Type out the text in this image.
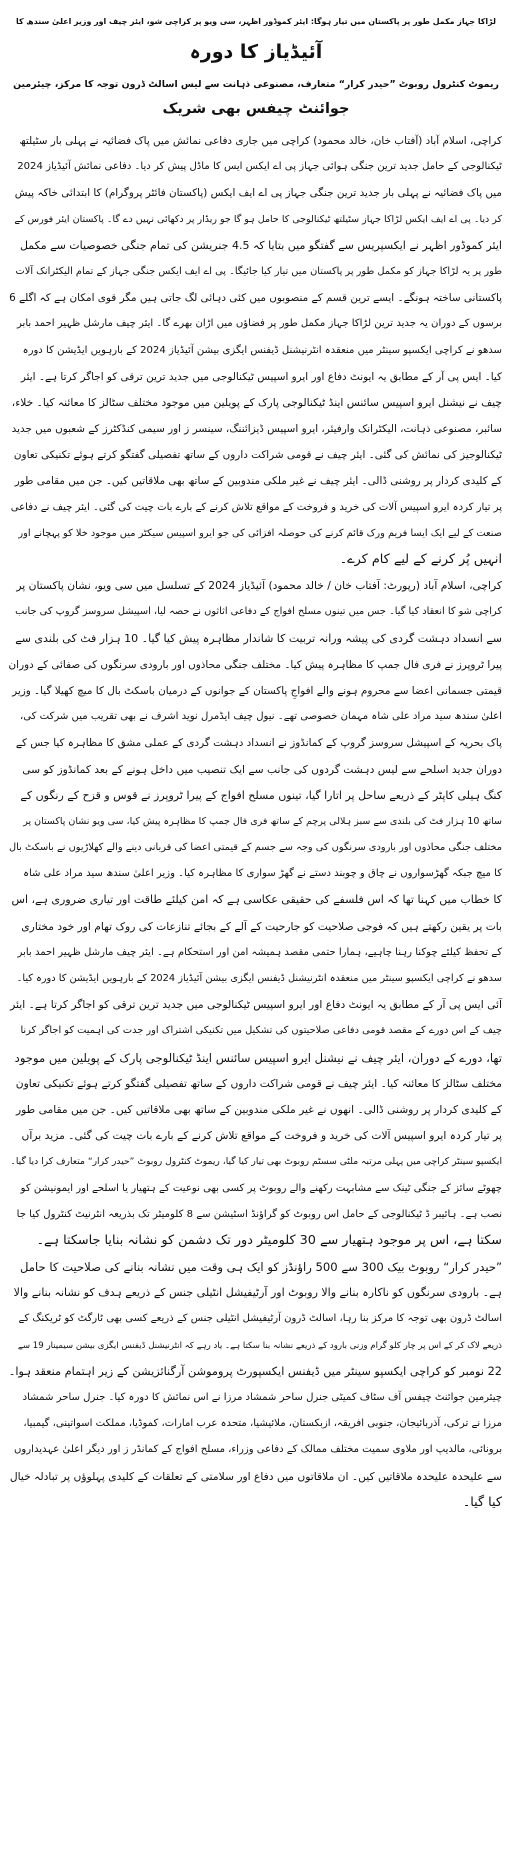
لڑاکا جہاز مکمل طور پر پاکستان میں تیار ہوگا: ایئر کموڈور اظہر، سی ویو پر کراچی شو، ایئر چیف اور وزیر اعلیٰ سندھ کا
آئیڈیاز کا دورہ
ریموٹ کنٹرول روبوٹ ”حیدر کرار“ متعارف، مصنوعی ذہانت سے لیس اسالٹ ڈرون توجہ کا مرکز، چیئرمین
جوائنٹ چیفس بھی شریک
کراچی، اسلام آباد (آفتاب خان، خالد محمود) کراچی میں جاری دفاعی نمائش میں پاک فضائیہ نے پہلی بار سٹیلتھ
ٹیکنالوجی کے حامل جدید ترین جنگی ہوائی جہاز پی اے ایکس ایس کا ماڈل پیش کر دیا۔ دفاعی نمائش آئیڈیاز 2024
میں پاک فضائیہ نے پہلی بار جدید ترین جنگی جہاز پی اے ایف ایکس (پاکستان فائٹر پروگرام) کا ابتدائی خاکہ پیش
کر دیا۔ پی اے ایف ایکس لڑاکا جہاز سٹیلتھ ٹیکنالوجی کا حامل ہو گا جو ریڈار پر دکھائی نہیں دے گا۔ پاکستان ایئر فورس کے
ایئر کموڈور اظہر نے ایکسپریس سے گفتگو میں بتایا کہ 4.5 جنریشن کی تمام جنگی خصوصیات سے مکمل
طور پر یہ لڑاکا جہاز کو مکمل طور پر پاکستان میں تیار کیا جائیگا۔ پی اے ایف ایکس جنگی جہاز کے تمام الیکٹرانک آلات
پاکستانی ساختہ ہونگے۔ ایسے ترین قسم کے منصوبوں میں کئی دہائی لگ جاتی ہیں مگر قوی امکان ہے کہ اگلے 6
برسوں کے دوران یہ جدید ترین لڑاکا جہاز مکمل طور پر فضاؤں میں اڑان بھرے گا۔ ایئر چیف مارشل ظہیر احمد بابر
سدھو نے کراچی ایکسپو سینٹر میں منعقدہ انٹرنیشنل ڈیفنس ایگزی بیشن آئیڈیاز 2024 کے بارہویں ایڈیشن کا دورہ
کیا۔ ایس پی آر کے مطابق یہ ایونٹ دفاع اور ایرو اسپیس ٹیکنالوجی میں جدید ترین ترقی کو اجاگر کرتا ہے۔ ایئر
چیف نے نیشنل ایرو اسپیس سائنس اینڈ ٹیکنالوجی پارک کے پویلین میں موجود مختلف سٹالز کا معائنہ کیا۔ خلاء،
سائبر، مصنوعی ذہانت، الیکٹرانک وارفیئر، ایرو اسپیس ڈیزائننگ، سینسر ز اور سیمی کنڈکٹرز کے شعبوں میں جدید
ٹیکنالوجیز کی نمائش کی گئی۔ ایئر چیف نے قومی شراکت داروں کے ساتھ تفصیلی گفتگو کرتے ہوئے تکنیکی تعاون
کے کلیدی کردار پر روشنی ڈالی۔ ایئر چیف نے غیر ملکی مندوبین کے ساتھ بھی ملاقاتیں کیں۔ جن میں مقامی طور
پر تیار کردہ ایرو اسپیس آلات کی خرید و فروخت کے مواقع تلاش کرنے کے بارے بات چیت کی گئی۔ ایئر چیف نے دفاعی
صنعت کے لیے ایک ایسا فریم ورک قائم کرنے کی حوصلہ افزائی کی جو ایرو اسپیس سیکٹر میں موجود خلا کو پہچانے اور
انہیں پُر کرنے کے لیے کام کرے۔
کراچی، اسلام آباد (رپورٹ: آفتاب خان / خالد محمود) آئیڈیاز 2024 کے تسلسل میں سی ویو، نشان پاکستان پر
کراچی شو کا انعقاد کیا گیا۔ جس میں تینوں مسلح افواج کے دفاعی اثاثوں نے حصہ لیا، اسپیشل سروسز گروپ کی جانب
سے انسداد دہشت گردی کی پیشہ ورانہ تربیت کا شاندار مظاہرہ پیش کیا گیا۔ 10 ہزار فٹ کی بلندی سے
پیرا ٹروپرز نے فری فال جمپ کا مظاہرہ پیش کیا۔ مختلف جنگی محاذوں اور بارودی سرنگوں کی صفائی کے دوران
قیمتی جسمانی اعضا سے محروم ہونے والے افواجِ پاکستان کے جوانوں کے درمیان باسکٹ بال کا میچ کھیلا گیا۔ وزیر
اعلیٰ سندھ سید مراد علی شاہ مہمان خصوصی تھے۔ نیول چیف ایڈمرل نوید اشرف نے بھی تقریب میں شرکت کی،
پاک بحریہ کے اسپیشل سروسز گروپ کے کمانڈوز نے انسداد دہشت گردی کے عملی مشق کا مظاہرہ کیا جس کے
دوران جدید اسلحے سے لیس دہشت گردوں کی جانب سے ایک تنصیب میں داخل ہونے کے بعد کمانڈوز کو سی
کنگ ہیلی کاپٹر کے ذریعے ساحل پر اتارا گیا، تینوں مسلح افواج کے پیرا ٹروپرز نے قوس و قزح کے رنگوں کے
ساتھ 10 ہزار فٹ کی بلندی سے سبز ہلالی پرچم کے ساتھ فری فال جمپ کا مظاہرہ پیش کیا، سی ویو نشان پاکستان پر
مختلف جنگی محاذوں اور بارودی سرنگوں کی وجہ سے جسم کے قیمتی اعضا کی قربانی دینے والے کھلاڑیوں نے باسکٹ بال
کا میچ جبکہ گھڑسواروں نے چاق و چوبند دستے نے گھڑ سواری کا مظاہرہ کیا۔ وزیر اعلیٰ سندھ سید مراد علی شاہ
کا خطاب میں کہنا تھا کہ اس فلسفے کی حقیقی عکاسی ہے کہ امن کیلئے طاقت اور تیاری ضروری ہے، اس
بات پر یقین رکھتے ہیں کہ فوجی صلاحیت کو جارحیت کے آلے کے بجائے تنازعات کی روک تھام اور خود مختاری
کے تحفظ کیلئے چوکنا رہنا چاہیے، ہمارا حتمی مقصد ہمیشہ امن اور استحکام ہے۔ ایئر چیف مارشل ظہیر احمد بابر
سدھو نے کراچی ایکسپو سینٹر میں منعقدہ انٹرنیشنل ڈیفنس ایگزی بیشن آئیڈیاز 2024 کے بارہویں ایڈیشن کا دورہ کیا۔
آئی ایس پی آر کے مطابق یہ ایونٹ دفاع اور ایرو اسپیس ٹیکنالوجی میں جدید ترین ترقی کو اجاگر کرتا ہے۔ ایئر
چیف کے اس دورے کے مقصد قومی دفاعی صلاحیتوں کی تشکیل میں تکنیکی اشتراک اور جدت کی اہمیت کو اجاگر کرنا
تھا، دورے کے دوران، ایئر چیف نے نیشنل ایرو اسپیس سائنس اینڈ ٹیکنالوجی پارک کے پویلین میں موجود
مختلف سٹالز کا معائنہ کیا۔ ایئر چیف نے قومی شراکت داروں کے ساتھ تفصیلی گفتگو کرتے ہوئے تکنیکی تعاون
کے کلیدی کردار پر روشنی ڈالی۔ انھوں نے غیر ملکی مندوبین کے ساتھ بھی ملاقاتیں کیں۔ جن میں مقامی طور
پر تیار کردہ ایرو اسپیس آلات کی خرید و فروخت کے مواقع تلاش کرنے کے بارے بات چیت کی گئی۔ مزید برآں
ایکسپو سینٹر کراچی میں پہلی مرتبہ ملٹی سسٹم روبوٹ بھی تیار کیا گیا، ریموٹ کنٹرول روبوٹ ”حیدر کرار“ متعارف کرا دیا گیا۔
چھوٹے سائز کے جنگی ٹینک سے مشابہت رکھنے والے روبوٹ پر کسی بھی نوعیت کے ہتھیار یا اسلحے اور ایمونیشن کو
نصب ہے۔ ہائیبر ڈ ٹیکنالوجی کے حامل اس روبوٹ کو گراؤنڈ اسٹیشن سے 8 کلومیٹر تک بذریعہ انٹرنیٹ کنٹرول کیا جا
سکتا ہے، اس پر موجود ہتھیار سے 30 کلومیٹر دور تک دشمن کو نشانہ بنایا جاسکتا ہے۔
”حیدر کرار“ روبوٹ بیک 300 سے 500 راؤنڈز کو ایک ہی وقت میں نشانہ بنانے کی صلاحیت کا حامل
ہے۔ بارودی سرنگوں کو ناکارہ بنانے والا روبوٹ اور آرٹیفیشل انٹیلی جنس کے ذریعے ہدف کو نشانہ بنانے والا
اسالٹ ڈرون بھی توجہ کا مرکز بنا رہا، اسالٹ ڈرون آرٹیفیشل انٹیلی جنس کے ذریعے کسی بھی ٹارگٹ کو ٹریکنگ کے
ذریعے لاک کر کے اس پر چار کلو گرام وزنی بارود کے ذریعے نشانہ بنا سکتا ہے۔ یاد رہے کہ انٹرنیشنل ڈیفنس ایگزی بیشن سیمینار 19 سے
22 نومبر کو کراچی ایکسپو سینٹر میں ڈیفنس ایکسپورٹ پروموشن آرگنائزیشن کے زیر اہتمام منعقد ہوا۔
چیئرمین جوائنٹ چیفس آف سٹاف کمیٹی جنرل ساحر شمشاد مرزا نے اس نمائش کا دورہ کیا۔ جنرل ساحر شمشاد
مرزا نے ترکی، آذربائیجان، جنوبی افریقہ، ازبکستان، ملائیشیا، متحدہ عرب امارات، کموڈیا، مملکت اسواتینی، گیمبیا،
برونائی، مالدیپ اور ملاوی سمیت مختلف ممالک کے دفاعی وزراء، مسلح افواج کے کمانڈر ز اور دیگر اعلیٰ عہدیداروں
سے علیحدہ علیحدہ ملاقاتیں کیں۔ ان ملاقاتوں میں دفاع اور سلامتی کے تعلقات کے کلیدی پہلوؤں پر تبادلہ خیال
کیا گیا۔
